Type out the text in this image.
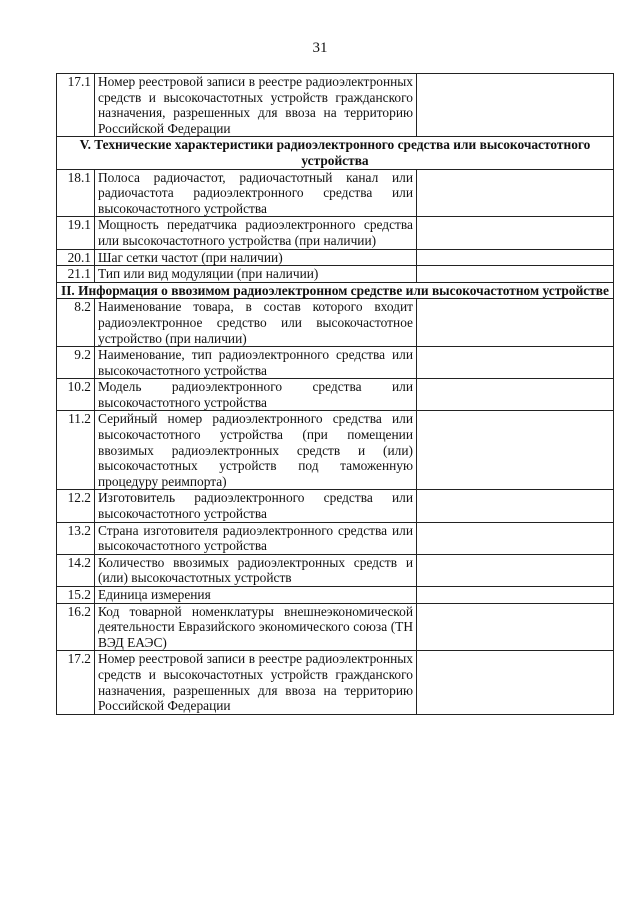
31
17.1	Номер реестровой записи в реестре радиоэлектронных средств и высокочастотных устройств гражданского назначения, разрешенных для ввоза на территорию Российской Федерации	
V. Технические характеристики радиоэлектронного средства или высокочастотного устройства		
18.1	Полоса радиочастот, радиочастотный канал или радиочастота радиоэлектронного средства или высокочастотного устройства	
19.1	Мощность передатчика радиоэлектронного средства или высокочастотного устройства (при наличии)	
20.1	Шаг сетки частот (при наличии)	
21.1	Тип или вид модуляции (при наличии)	
II. Информация о ввозимом радиоэлектронном средстве или высокочастотном устройстве		
8.2	Наименование товара, в состав которого входит радиоэлектронное средство или высокочастотное устройство (при наличии)	
9.2	Наименование, тип радиоэлектронного средства или высокочастотного устройства	
10.2	Модель радиоэлектронного средства или высокочастотного устройства	
11.2	Серийный номер радиоэлектронного средства или высокочастотного устройства (при помещении ввозимых радиоэлектронных средств и (или) высокочастотных устройств под таможенную процедуру реимпорта)	
12.2	Изготовитель радиоэлектронного средства или высокочастотного устройства	
13.2	Страна изготовителя радиоэлектронного средства или высокочастотного устройства	
14.2	Количество ввозимых радиоэлектронных средств и (или) высокочастотных устройств	
15.2	Единица измерения	
16.2	Код товарной номенклатуры внешнеэкономической деятельности Евразийского экономического союза (ТН ВЭД ЕАЭС)	
17.2	Номер реестровой записи в реестре радиоэлектронных средств и высокочастотных устройств гражданского назначения, разрешенных для ввоза на территорию Российской Федерации	
